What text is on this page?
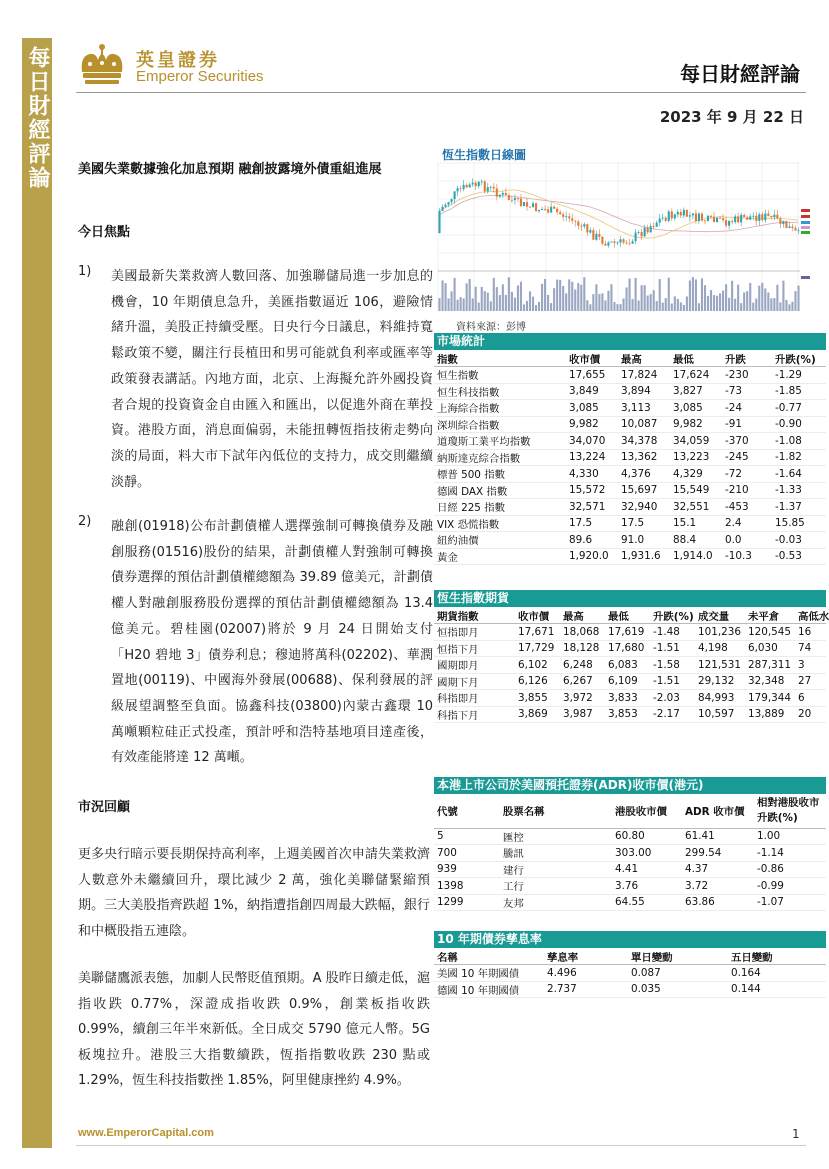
每日財經評論	英皇證券
Emperor Securities	每日財經評論
2023 年 9 月 22 日
美國失業數據強化加息預期 融創披露境外債重組進展
今日焦點
1) 美國最新失業救濟人數回落、加強聯儲局進一步加息的機會，10 年期債息急升，美匯指數逼近 106，避險情緒升溫，美股正持續受壓。日央行今日議息，料維持寬鬆政策不變，關注行長植田和男可能就負利率或匯率等政策發表講話。內地方面，北京、上海擬允許外國投資者合規的投資資金自由匯入和匯出，以促進外商在華投資。港股方面，消息面偏弱，未能扭轉恆指技術走勢向淡的局面，料大市下試年內低位的支持力，成交則繼續淡靜。
2) 融創(01918)公布計劃債權人選擇強制可轉換債券及融創服務(01516)股份的結果，計劃債權人對強制可轉換債券選擇的預估計劃債權總額為 39.89 億美元，計劃債權人對融創服務股份選擇的預估計劃債權總額為 13.4 億美元。碧桂園(02007)將於 9 月 24 日開始支付「H20 碧地 3」債券利息；穆迪將萬科(02202)、華潤置地(00119)、中國海外發展(00688)、保利發展的評級展望調整至負面。協鑫科技(03800)內蒙古鑫環 10 萬噸顆粒硅正式投產，預計呼和浩特基地項目達產後，有效產能將達 12 萬噸。
市況回顧
更多央行暗示要長期保持高利率，上週美國首次申請失業救濟人數意外未繼續回升，環比減少 2 萬，強化美聯儲緊縮預期。三大美股指齊跌超 1%，納指遭指創四周最大跌幅，銀行和中概股指五連陰。
美聯儲鷹派表態，加劇人民幣貶值預期。A 股昨日續走低，滬指收跌 0.77%，深證成指收跌 0.9%，創業板指收跌 0.99%，續創三年半來新低。全日成交 5790 億元人幣。5G 板塊拉升。港股三大指數續跌，恆指指數收跌 230 點或 1.29%，恆生科技指數挫 1.85%，阿里健康挫約 4.9%。
恆生指數日線圖
資料來源：彭博
市場統計
指數	收市價	最高	最低	升跌	升跌(%)
恒生指數	17,655	17,824	17,624	-230	-1.29
恒生科技指數	3,849	3,894	3,827	-73	-1.85
上海綜合指數	3,085	3,113	3,085	-24	-0.77
深圳綜合指數	9,982	10,087	9,982	-91	-0.90
道瓊斯工業平均指數	34,070	34,378	34,059	-370	-1.08
納斯達克綜合指數	13,224	13,362	13,223	-245	-1.82
標普 500 指數	4,330	4,376	4,329	-72	-1.64
德國 DAX 指數	15,572	15,697	15,549	-210	-1.33
日經 225 指數	32,571	32,940	32,551	-453	-1.37
VIX 恐慌指數	17.5	17.5	15.1	2.4	15.85
紐約油價	89.6	91.0	88.4	0.0	-0.03
黃金	1,920.0	1,931.6	1,914.0	-10.3	-0.53
恆生指數期貨
期貨指數	收市價	最高	最低	升跌(%)	成交量	未平倉	高低水
恒指即月	17,671	18,068	17,619	-1.48	101,236	120,545	16
恒指下月	17,729	18,128	17,680	-1.51	4,198	6,030	74
國期即月	6,102	6,248	6,083	-1.58	121,531	287,311	3
國期下月	6,126	6,267	6,109	-1.51	29,132	32,348	27
科指即月	3,855	3,972	3,833	-2.03	84,993	179,344	6
科指下月	3,869	3,987	3,853	-2.17	10,597	13,889	20
本港上市公司於美國預托證券(ADR)收市價(港元)
代號	股票名稱	港股收市價	ADR 收市價	相對港股收市
升跌(%)
5	匯控	60.80	61.41	1.00
700	騰訊	303.00	299.54	-1.14
939	建行	4.41	4.37	-0.86
1398	工行	3.76	3.72	-0.99
1299	友邦	64.55	63.86	-1.07
10 年期債券孳息率
名稱	孳息率	單日變動	五日變動
美國 10 年期國債	4.496	0.087	0.164
德國 10 年期國債	2.737	0.035	0.144
www.EmperorCapital.com	1
